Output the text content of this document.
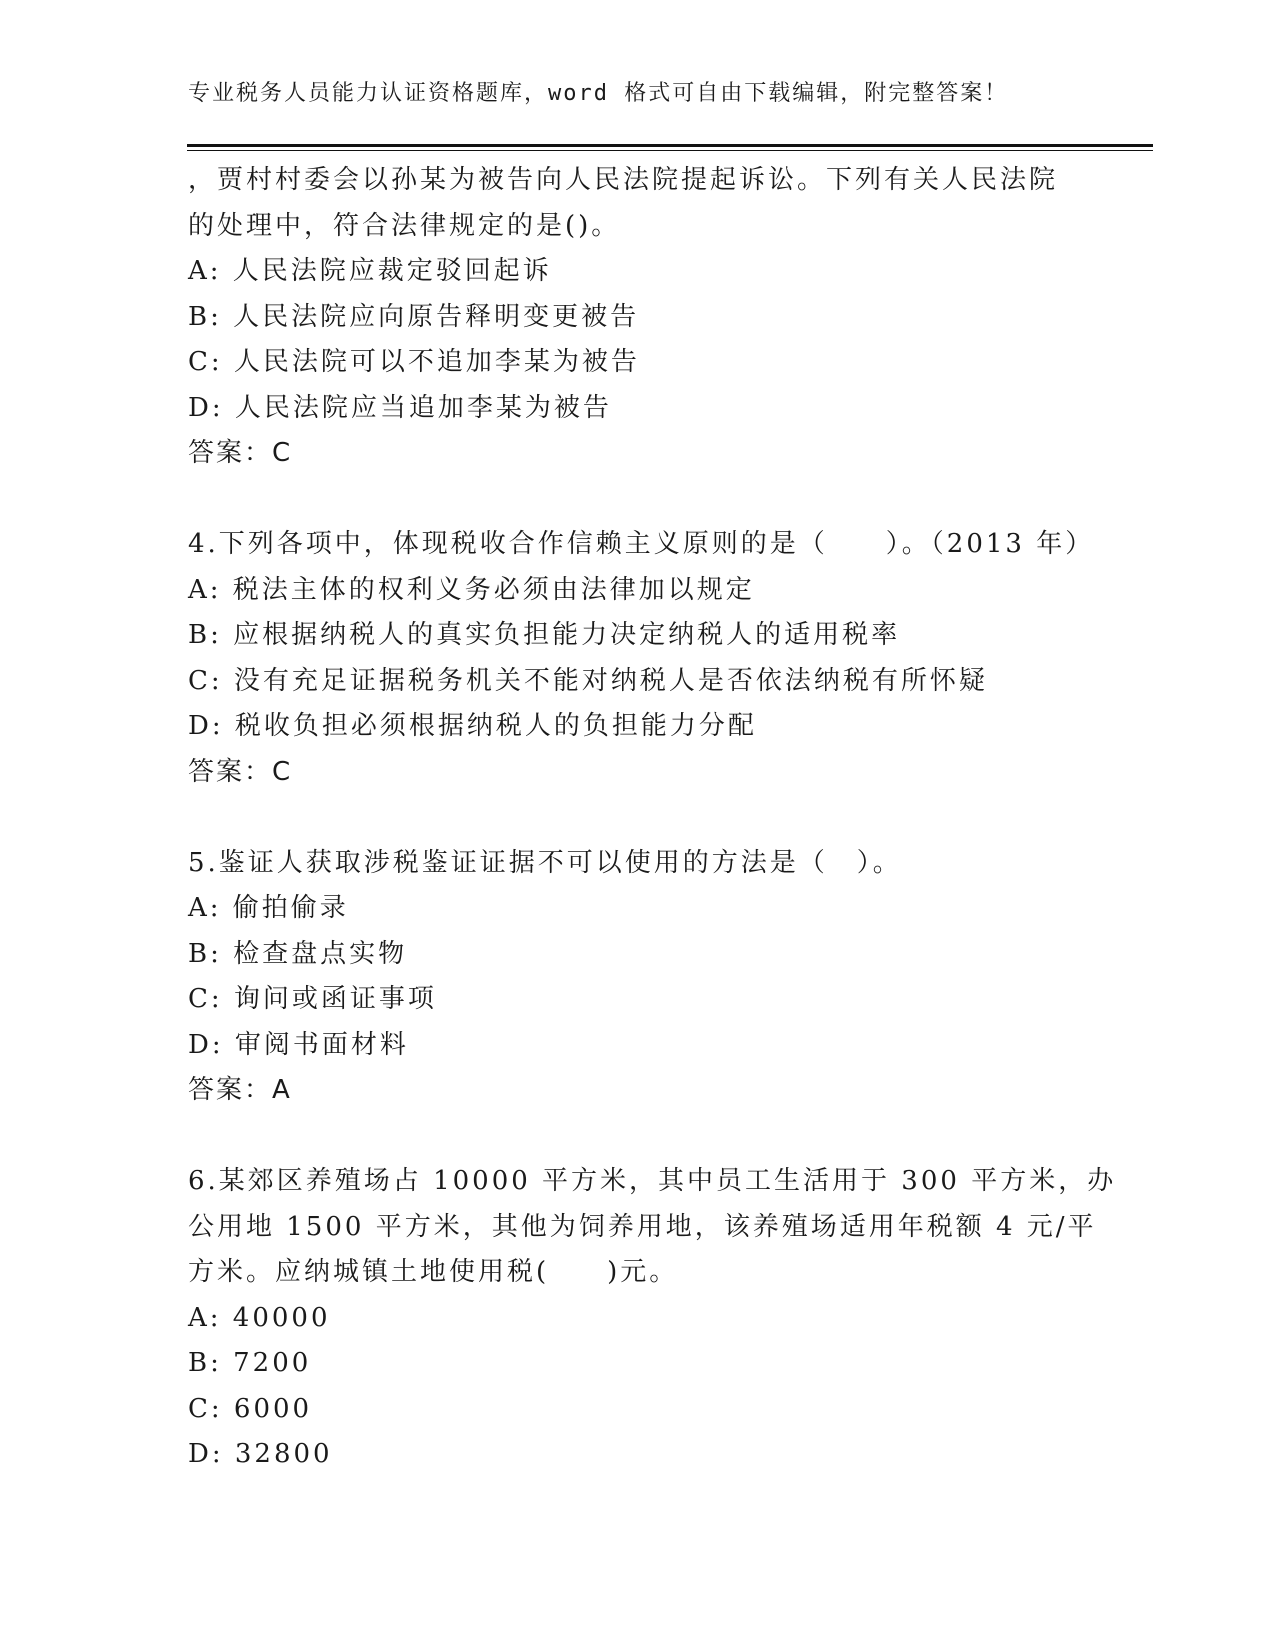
专业税务人员能力认证资格题库，word 格式可自由下载编辑，附完整答案！
，贾村村委会以孙某为被告向人民法院提起诉讼。下列有关人民法院
的处理中，符合法律规定的是()。
A: 人民法院应裁定驳回起诉
B: 人民法院应向原告释明变更被告
C: 人民法院可以不追加李某为被告
D: 人民法院应当追加李某为被告
答案：C
4.下列各项中，体现税收合作信赖主义原则的是（　　）。（2013 年）
A: 税法主体的权利义务必须由法律加以规定
B: 应根据纳税人的真实负担能力决定纳税人的适用税率
C: 没有充足证据税务机关不能对纳税人是否依法纳税有所怀疑
D: 税收负担必须根据纳税人的负担能力分配
答案：C
5.鉴证人获取涉税鉴证证据不可以使用的方法是（　）。
A: 偷拍偷录
B: 检查盘点实物
C: 询问或函证事项
D: 审阅书面材料
答案：A
6.某郊区养殖场占 10000 平方米，其中员工生活用于 300 平方米，办
公用地 1500 平方米，其他为饲养用地，该养殖场适用年税额 4 元/平
方米。应纳城镇土地使用税(　　)元。
A: 40000
B: 7200
C: 6000
D: 32800
